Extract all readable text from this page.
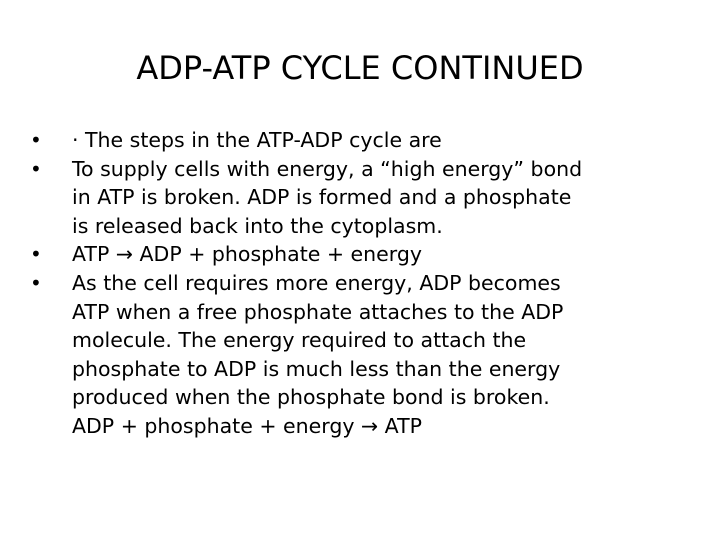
ADP-ATP CYCLE CONTINUED
•	· The steps in the ATP-ADP cycle are
•	To supply cells with energy, a “high energy” bond
in ATP is broken. ADP is formed and a phosphate
is released back into the cytoplasm.
•	ATP → ADP + phosphate + energy
•	As the cell requires more energy, ADP becomes
ATP when a free phosphate attaches to the ADP
molecule. The energy required to attach the
phosphate to ADP is much less than the energy
produced when the phosphate bond is broken.
ADP + phosphate + energy → ATP
